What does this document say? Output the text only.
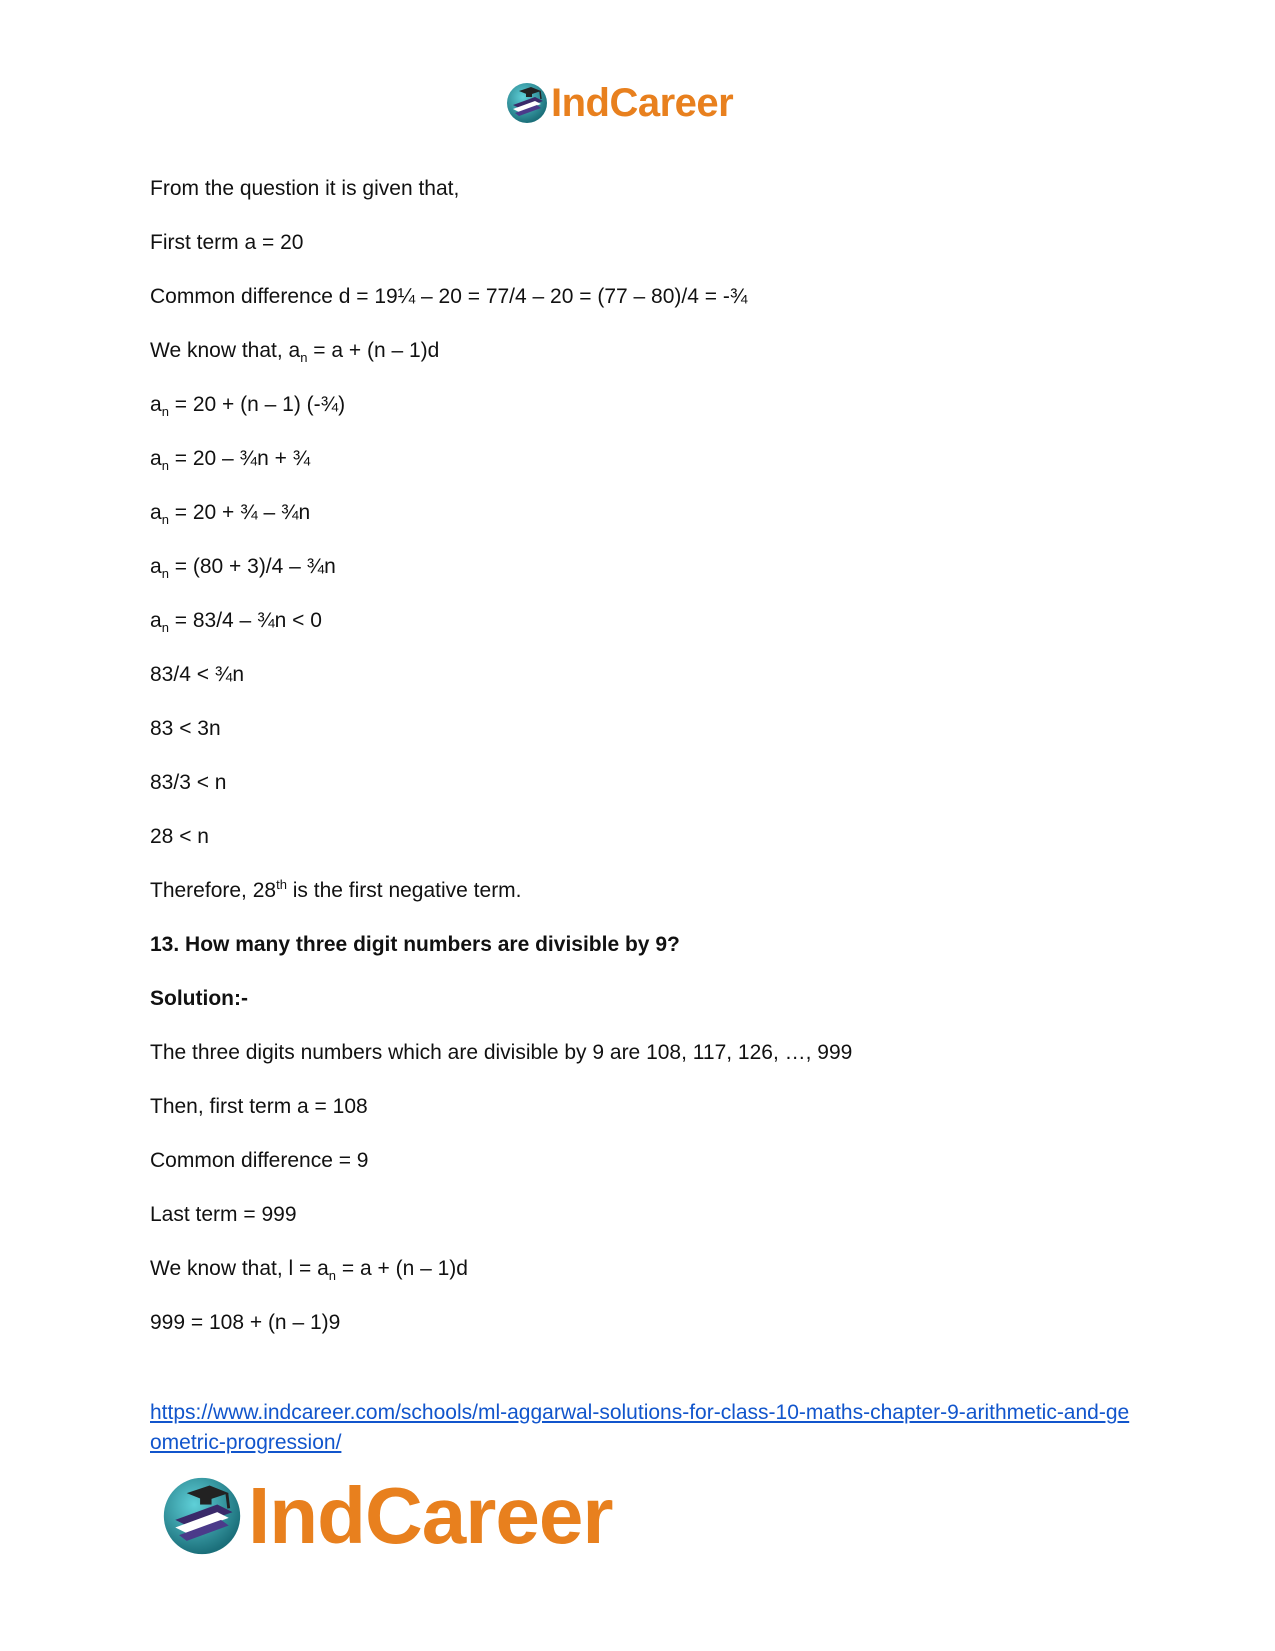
IndCareer
From the question it is given that,
First term a = 20
Common difference d = 19¼ – 20 = 77/4 – 20 = (77 – 80)/4 = -¾
We know that, $a_n = a + (n - 1)d$
$a_n = 20 + (n - 1)$ (-¾)
$a_n = 20$ – ¾n + ¾
$a_n = 20$ + ¾ – ¾n
$a_n = (80 + 3)/4$ – ¾n
$a_n = 83/4$ – ¾n < 0
83/4 < ¾n
83 < 3n
83/3 < n
28 < n
Therefore, 28th is the first negative term.
13. How many three digit numbers are divisible by 9?
Solution:-
The three digits numbers which are divisible by 9 are 108, 117, 126, …, 999
Then, first term a = 108
Common difference = 9
Last term = 999
We know that, $l = a_n = a + (n - 1)d$
999 = 108 + (n – 1)9
https://www.indcareer.com/schools/ml-aggarwal-solutions-for-class-10-maths-chapter-9-arithmetic-and-geometric-progression/
IndCareer
